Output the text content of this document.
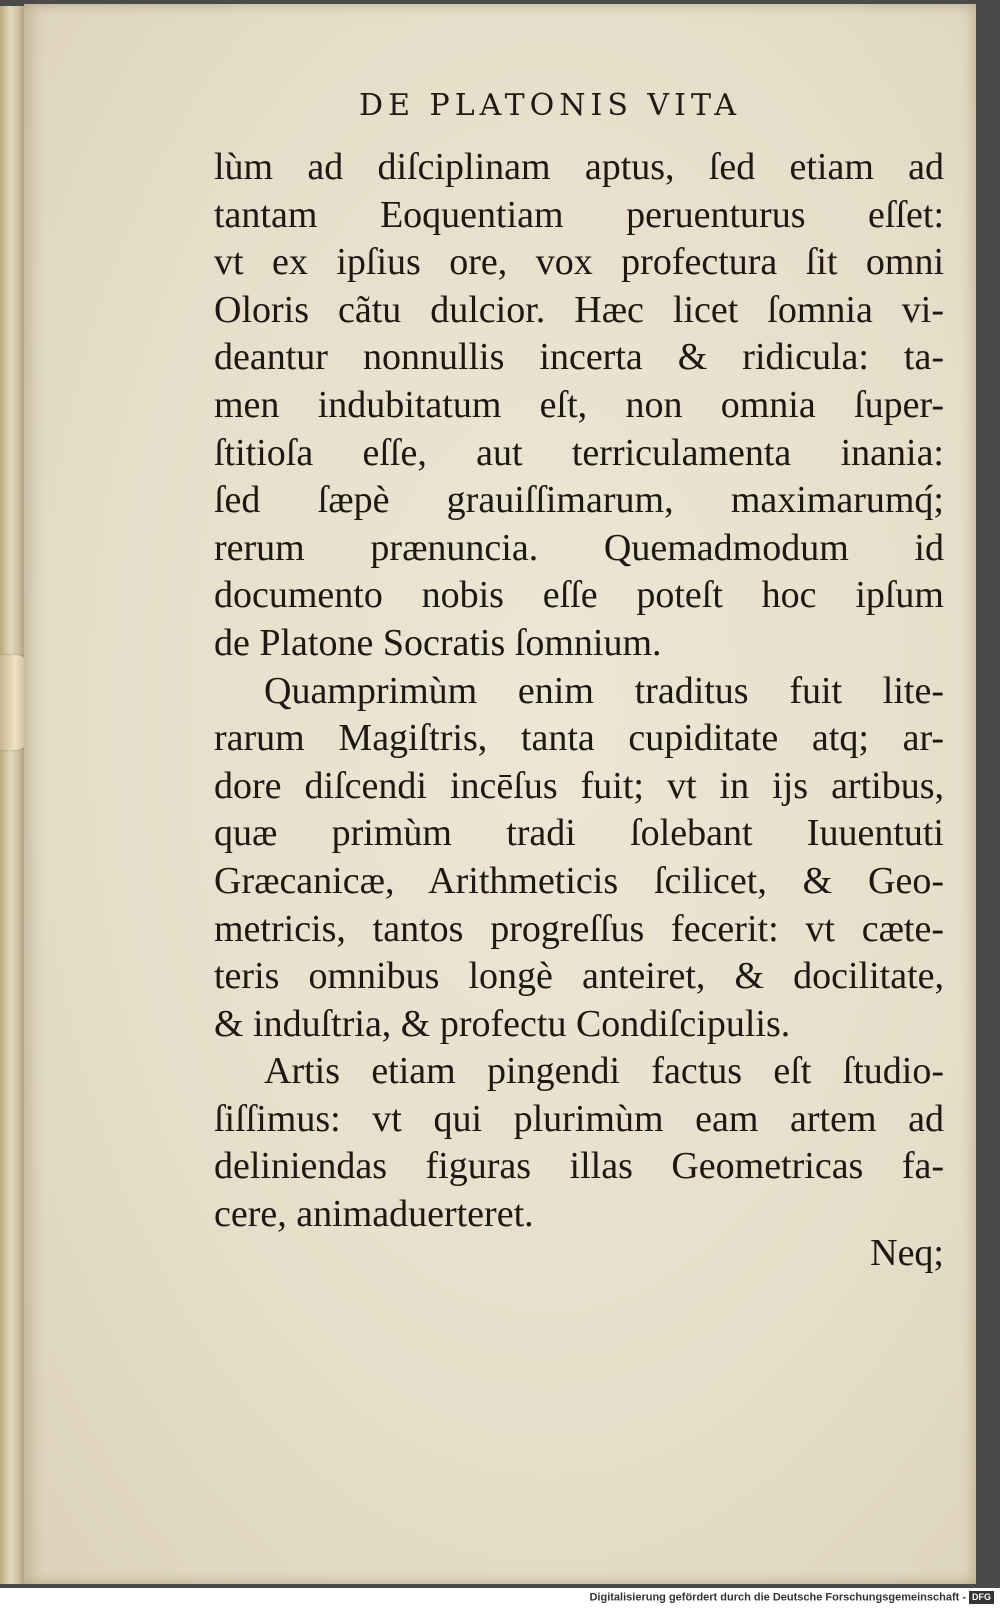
DE PLATONIS VITA
lùm ad diſciplinam aptus, ſed etiam ad
tantam Eoquentiam peruenturus eſſet:
vt ex ipſius ore, vox profectura ſit omni
Oloris cãtu dulcior. Hæc licet ſomnia vi-
deantur nonnullis incerta & ridicula: ta-
men indubitatum eſt, non omnia ſuper-
ſtitioſa eſſe, aut terriculamenta inania:
ſed ſæpè grauiſſimarum, maximarumq́;
rerum prænuncia. Quemadmodum id
documento nobis eſſe poteſt hoc ipſum
de Platone Socratis ſomnium.
Quamprimùm enim traditus fuit lite-
rarum Magiſtris, tanta cupiditate atq; ar-
dore diſcendi incēſus fuit; vt in ijs artibus,
quæ primùm tradi ſolebant Iuuentuti
Græcanicæ, Arithmeticis ſcilicet, & Geo-
metricis, tantos progreſſus fecerit: vt cæte-
teris omnibus longè anteiret, & docilitate,
& induſtria, & profectu Condiſcipulis.
Artis etiam pingendi factus eſt ſtudio-
ſiſſimus: vt qui plurimùm eam artem ad
deliniendas figuras illas Geometricas fa-
cere, animaduerteret.
Neq;
Digitalisierung gefördert durch die Deutsche Forschungsgemeinschaft - DFG
